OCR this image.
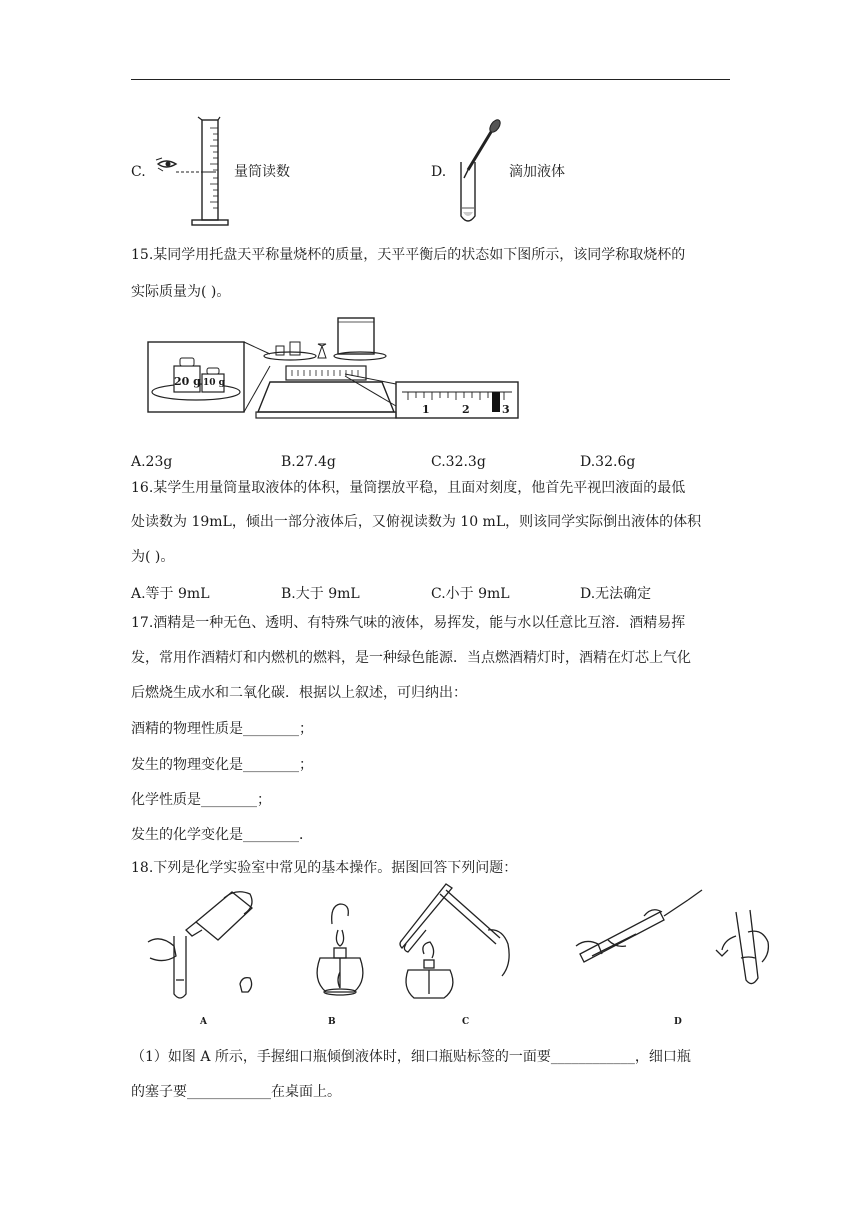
C.	量筒读数	D.	滴加液体
15.某同学用托盘天平称量烧杯的质量，天平平衡后的状态如下图所示，该同学称取烧杯的
实际质量为( )。
20 g 10 g
1	2	3
A.23g	B.27.4g	C.32.3g	D.32.6g
16.某学生用量筒量取液体的体积，量筒摆放平稳，且面对刻度，他首先平视凹液面的最低
处读数为 19mL，倾出一部分液体后，又俯视读数为 10 mL，则该同学实际倒出液体的体积
为( )。
A.等于 9mL	B.大于 9mL	C.小于 9mL	D.无法确定
17.酒精是一种无色、透明、有特殊气味的液体，易挥发，能与水以任意比互溶．酒精易挥
发，常用作酒精灯和内燃机的燃料，是一种绿色能源．当点燃酒精灯时，酒精在灯芯上气化
后燃烧生成水和二氧化碳．根据以上叙述，可归纳出：
酒精的物理性质是________；
发生的物理变化是________；
化学性质是________；
发生的化学变化是________．
18.下列是化学实验室中常见的基本操作。据图回答下列问题：
A	B	C	D
（1）如图 A 所示，手握细口瓶倾倒液体时，细口瓶贴标签的一面要____________，细口瓶
的塞子要____________在桌面上。
